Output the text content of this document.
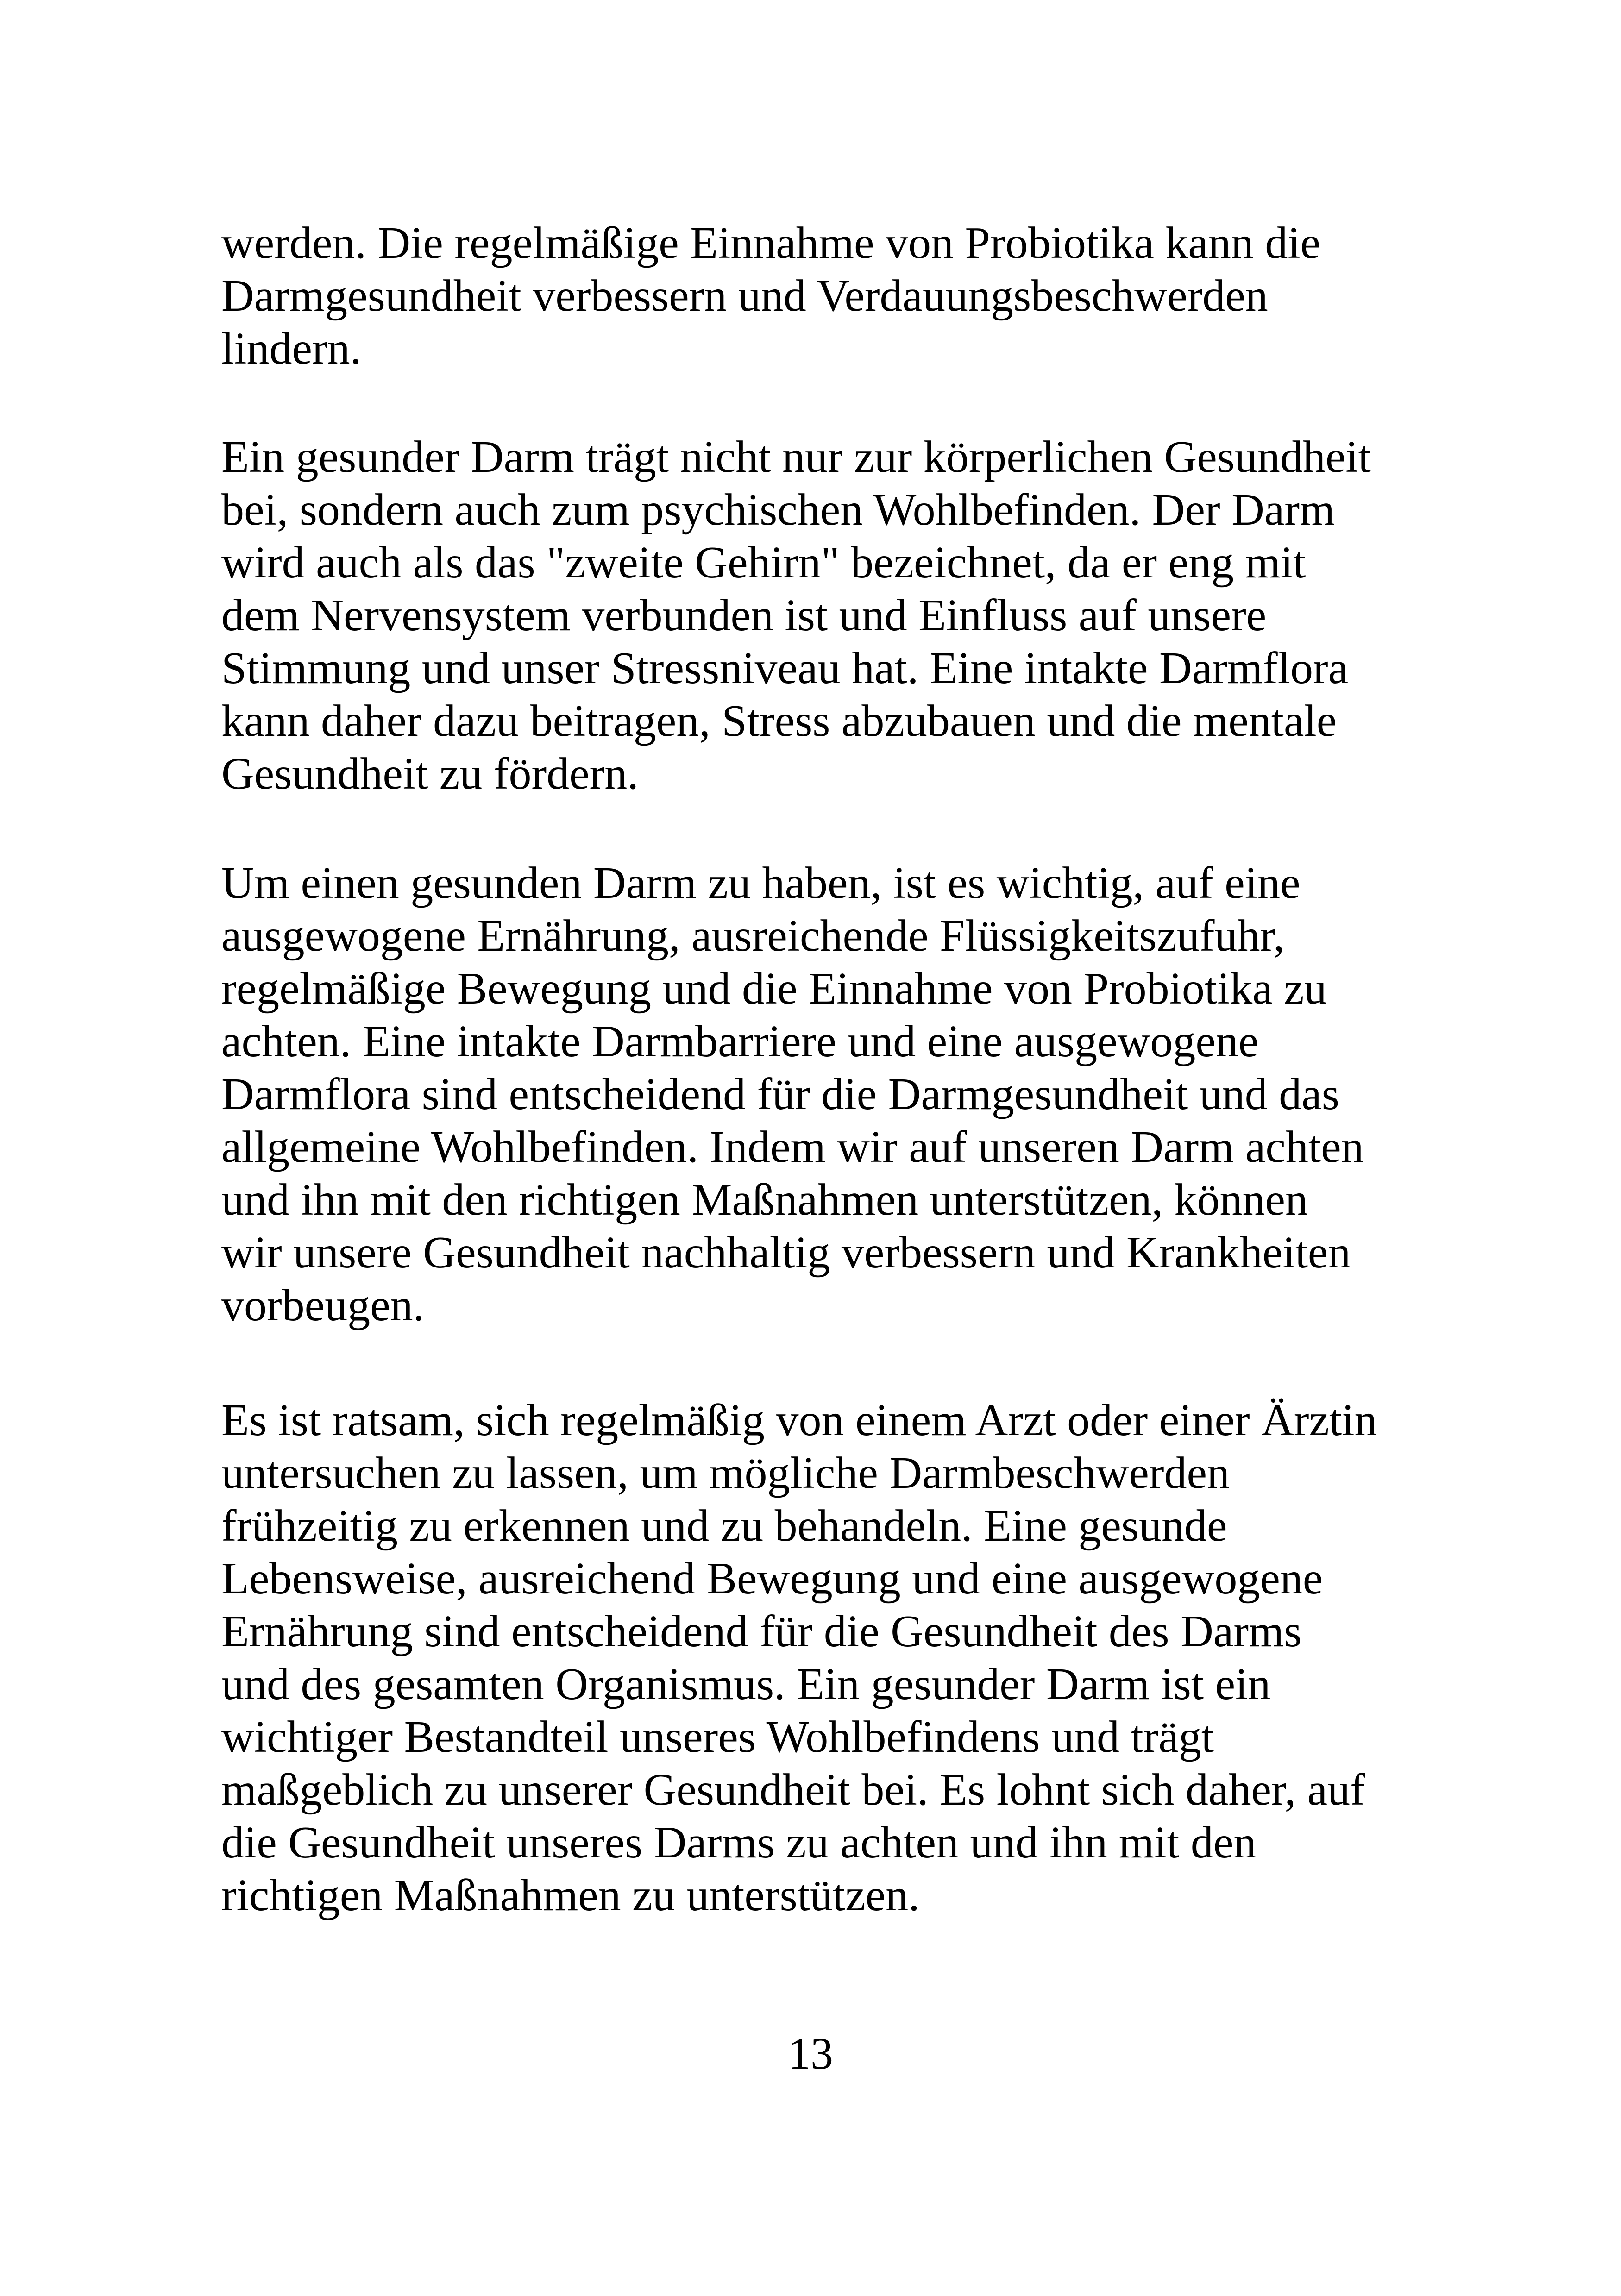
werden. Die regelmäßige Einnahme von Probiotika kann die
Darmgesundheit verbessern und Verdauungsbeschwerden
lindern.
Ein gesunder Darm trägt nicht nur zur körperlichen Gesundheit
bei, sondern auch zum psychischen Wohlbefinden. Der Darm
wird auch als das "zweite Gehirn" bezeichnet, da er eng mit
dem Nervensystem verbunden ist und Einfluss auf unsere
Stimmung und unser Stressniveau hat. Eine intakte Darmflora
kann daher dazu beitragen, Stress abzubauen und die mentale
Gesundheit zu fördern.
Um einen gesunden Darm zu haben, ist es wichtig, auf eine
ausgewogene Ernährung, ausreichende Flüssigkeitszufuhr,
regelmäßige Bewegung und die Einnahme von Probiotika zu
achten. Eine intakte Darmbarriere und eine ausgewogene
Darmflora sind entscheidend für die Darmgesundheit und das
allgemeine Wohlbefinden. Indem wir auf unseren Darm achten
und ihn mit den richtigen Maßnahmen unterstützen, können
wir unsere Gesundheit nachhaltig verbessern und Krankheiten
vorbeugen.
Es ist ratsam, sich regelmäßig von einem Arzt oder einer Ärztin
untersuchen zu lassen, um mögliche Darmbeschwerden
frühzeitig zu erkennen und zu behandeln. Eine gesunde
Lebensweise, ausreichend Bewegung und eine ausgewogene
Ernährung sind entscheidend für die Gesundheit des Darms
und des gesamten Organismus. Ein gesunder Darm ist ein
wichtiger Bestandteil unseres Wohlbefindens und trägt
maßgeblich zu unserer Gesundheit bei. Es lohnt sich daher, auf
die Gesundheit unseres Darms zu achten und ihn mit den
richtigen Maßnahmen zu unterstützen.
13
